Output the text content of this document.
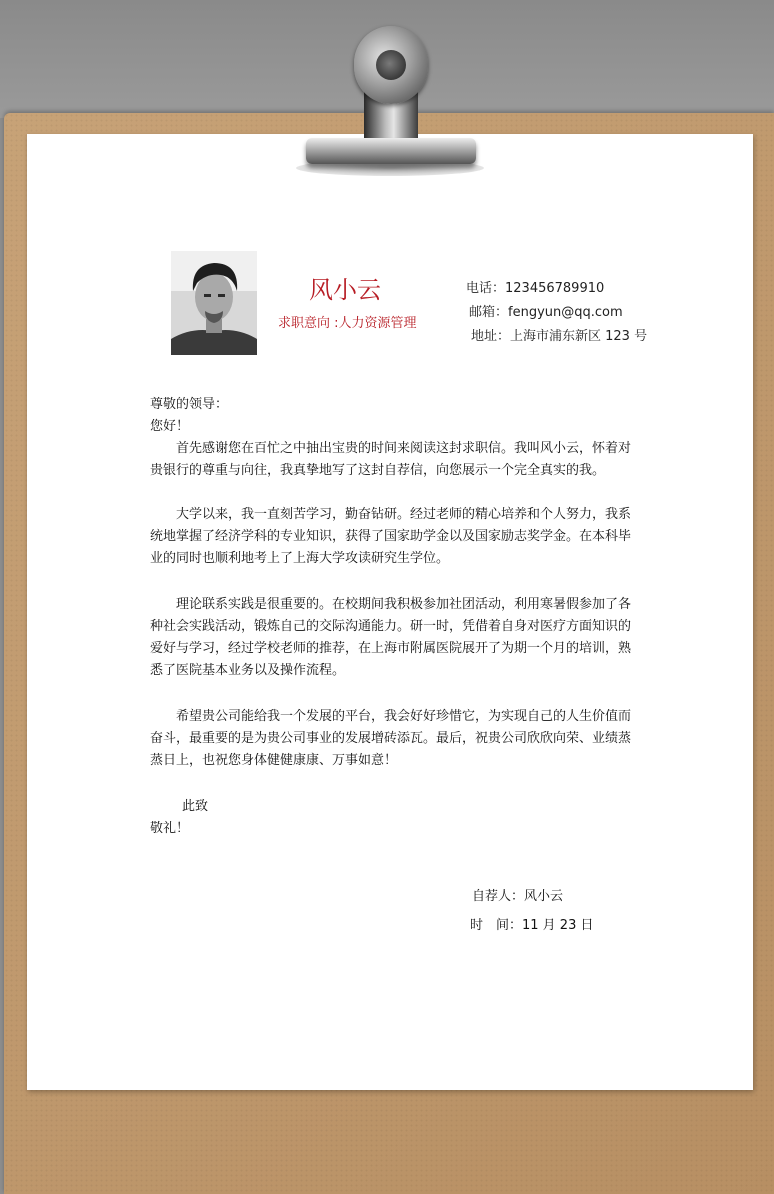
风小云
求职意向 :人力资源管理
电话：123456789910
邮箱：fengyun@qq.com
地址：上海市浦东新区 123 号

尊敬的领导：

您好！

首先感谢您在百忙之中抽出宝贵的时间来阅读这封求职信。我叫风小云，怀着对贵银行的尊重与向往，我真挚地写了这封自荐信，向您展示一个完全真实的我。

大学以来，我一直刻苦学习，勤奋钻研。经过老师的精心培养和个人努力，我系统地掌握了经济学科的专业知识，获得了国家助学金以及国家励志奖学金。在本科毕业的同时也顺利地考上了上海大学攻读研究生学位。

理论联系实践是很重要的。在校期间我积极参加社团活动，利用寒暑假参加了各种社会实践活动，锻炼自己的交际沟通能力。研一时，凭借着自身对医疗方面知识的爱好与学习，经过学校老师的推荐，在上海市附属医院展开了为期一个月的培训，熟悉了医院基本业务以及操作流程。

希望贵公司能给我一个发展的平台，我会好好珍惜它，为实现自己的人生价值而奋斗，最重要的是为贵公司事业的发展增砖添瓦。最后，祝贵公司欣欣向荣、业绩蒸蒸日上，也祝您身体健健康康、万事如意！

此致

敬礼！

自荐人：风小云
时　间：11 月 23 日
